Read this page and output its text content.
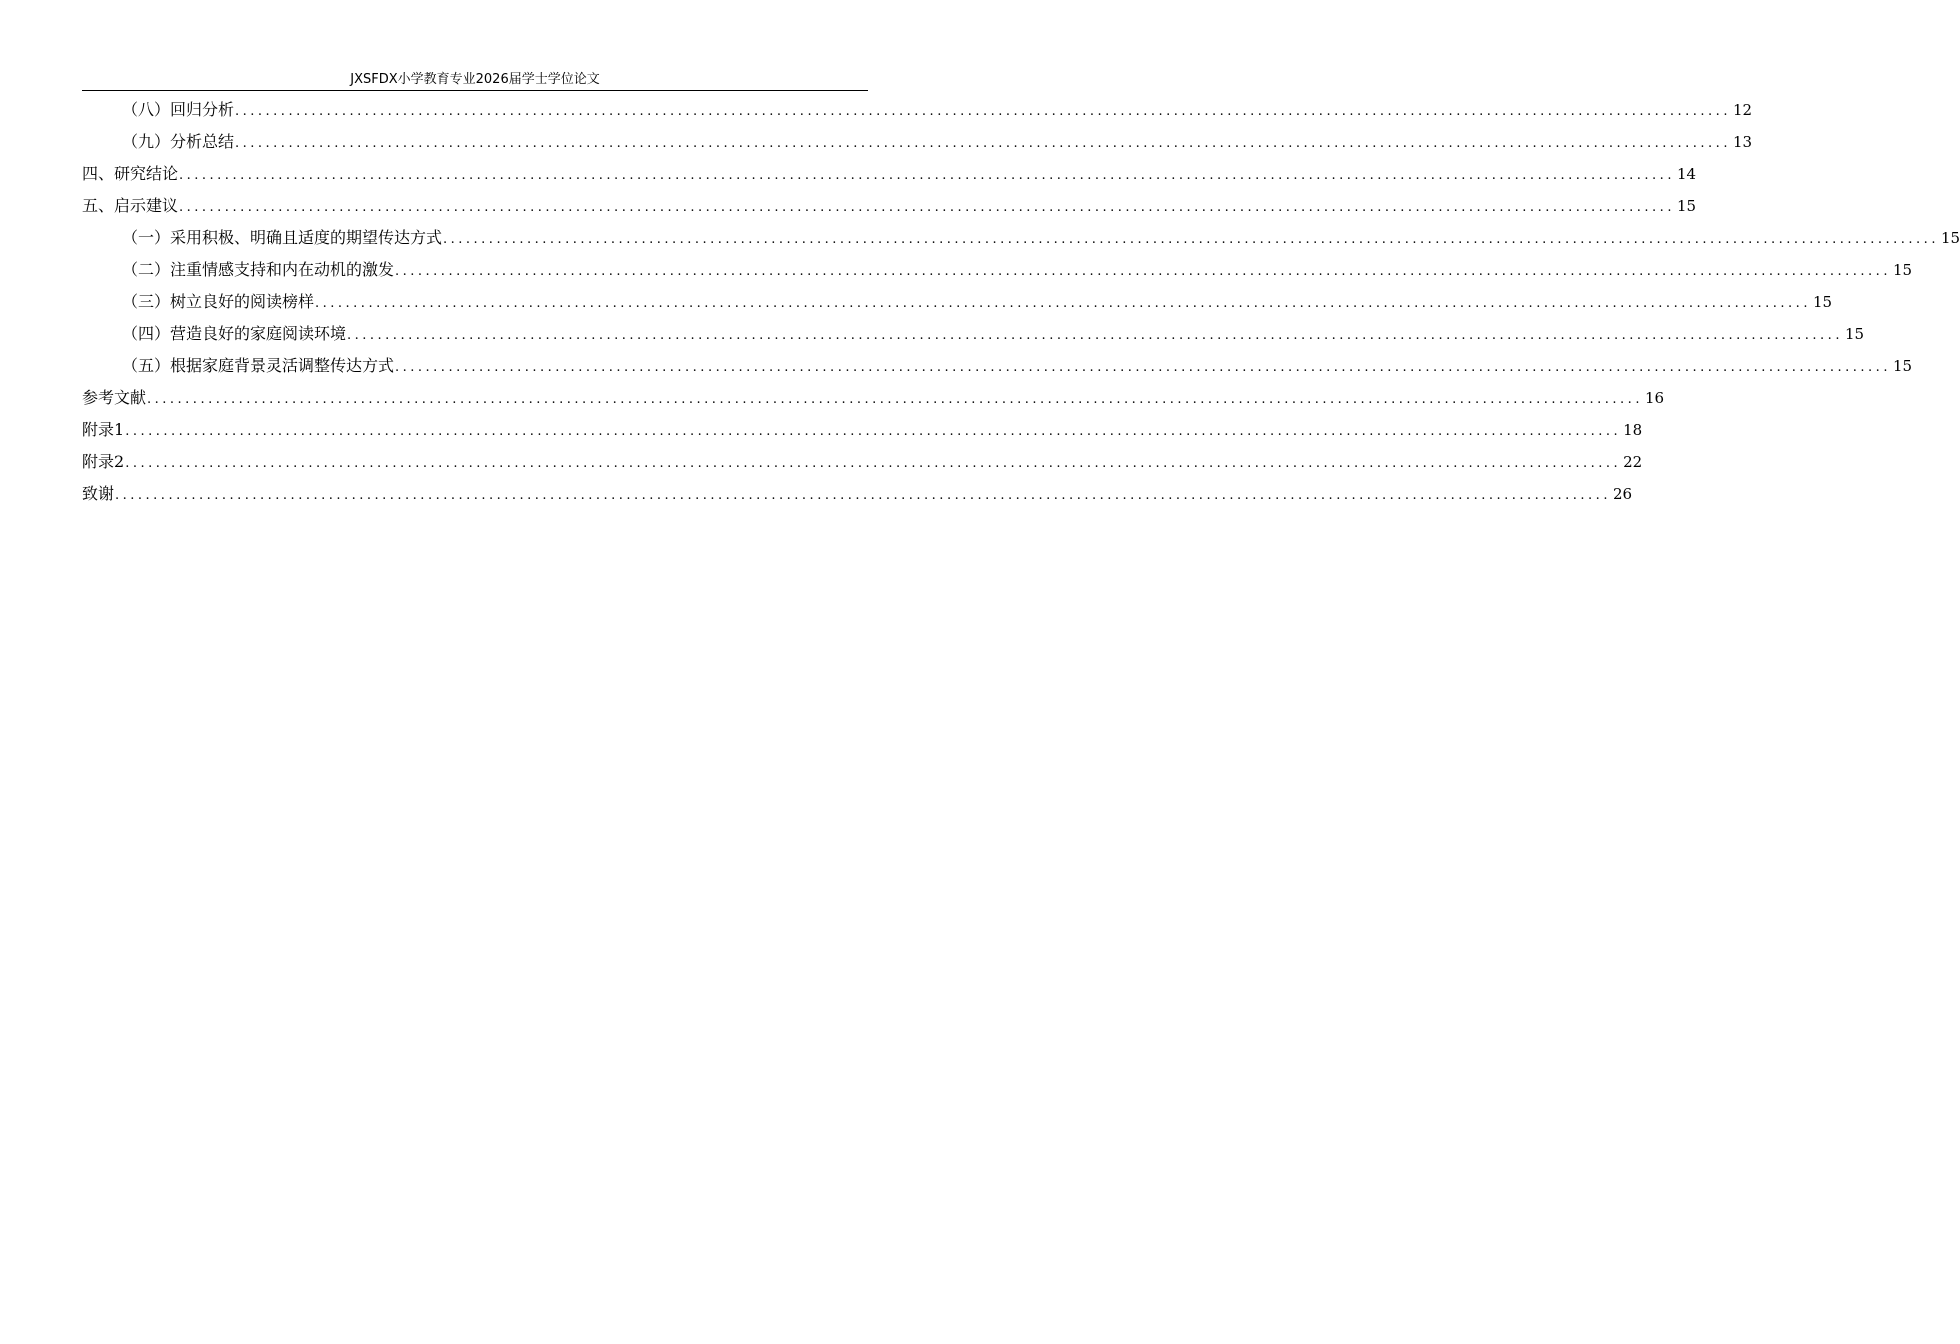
JXSFDX小学教育专业2026届学士学位论文
（八）回归分析 .................................................................................................................................................................................................... 12
（九）分析总结 .................................................................................................................................................................................................... 13
四、研究结论 .................................................................................................................................................................................................... 14
五、启示建议 .................................................................................................................................................................................................... 15
（一）采用积极、明确且适度的期望传达方式 .................................................................................................................................................................................................... 15
（二）注重情感支持和内在动机的激发 .................................................................................................................................................................................................... 15
（三）树立良好的阅读榜样 .................................................................................................................................................................................................... 15
（四）营造良好的家庭阅读环境 .................................................................................................................................................................................................... 15
（五）根据家庭背景灵活调整传达方式 .................................................................................................................................................................................................... 15
参考文献 .................................................................................................................................................................................................... 16
附录1 .................................................................................................................................................................................................... 18
附录2 .................................................................................................................................................................................................... 22
致谢 .................................................................................................................................................................................................... 26
